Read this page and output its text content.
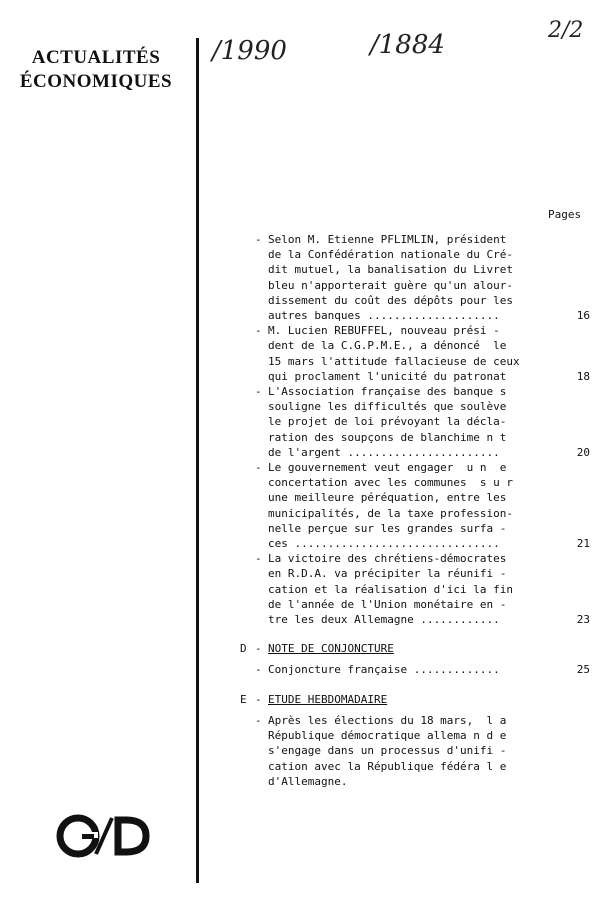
ACTUALITÉS
ÉCONOMIQUES
/1990	/1884	2/2
Pages
- Selon M. Etienne PFLIMLIN, président
de la Confédération nationale du Cré-
dit mutuel, la banalisation du Livret
bleu n'apporterait guère qu'un alour-
dissement du coût des dépôts pour les
autres banques ....................	16
- M. Lucien REBUFFEL, nouveau prési -
dent de la C.G.P.M.E., a dénoncé  le
15 mars l'attitude fallacieuse de ceux
qui proclament l'unicité du patronat	18
- L'Association française des banque s
souligne les difficultés que soulève
le projet de loi prévoyant la décla-
ration des soupçons de blanchime n t
de l'argent .......................	20
- Le gouvernement veut engager  u n  e
concertation avec les communes  s u r
une meilleure péréquation, entre les
municipalités, de la taxe profession-
nelle perçue sur les grandes surfa -
ces ...............................	21
- La victoire des chrétiens-démocrates
en R.D.A. va précipiter la réunifi -
cation et la réalisation d'ici la fin
de l'année de l'Union monétaire en -
tre les deux Allemagne ............	23
D - NOTE DE CONJONCTURE
- Conjoncture française .............	25
E - ETUDE HEBDOMADAIRE
- Après les élections du 18 mars,  l a
République démocratique allema n d e
s'engage dans un processus d'unifi -
cation avec la République fédéra l e
d'Allemagne.
